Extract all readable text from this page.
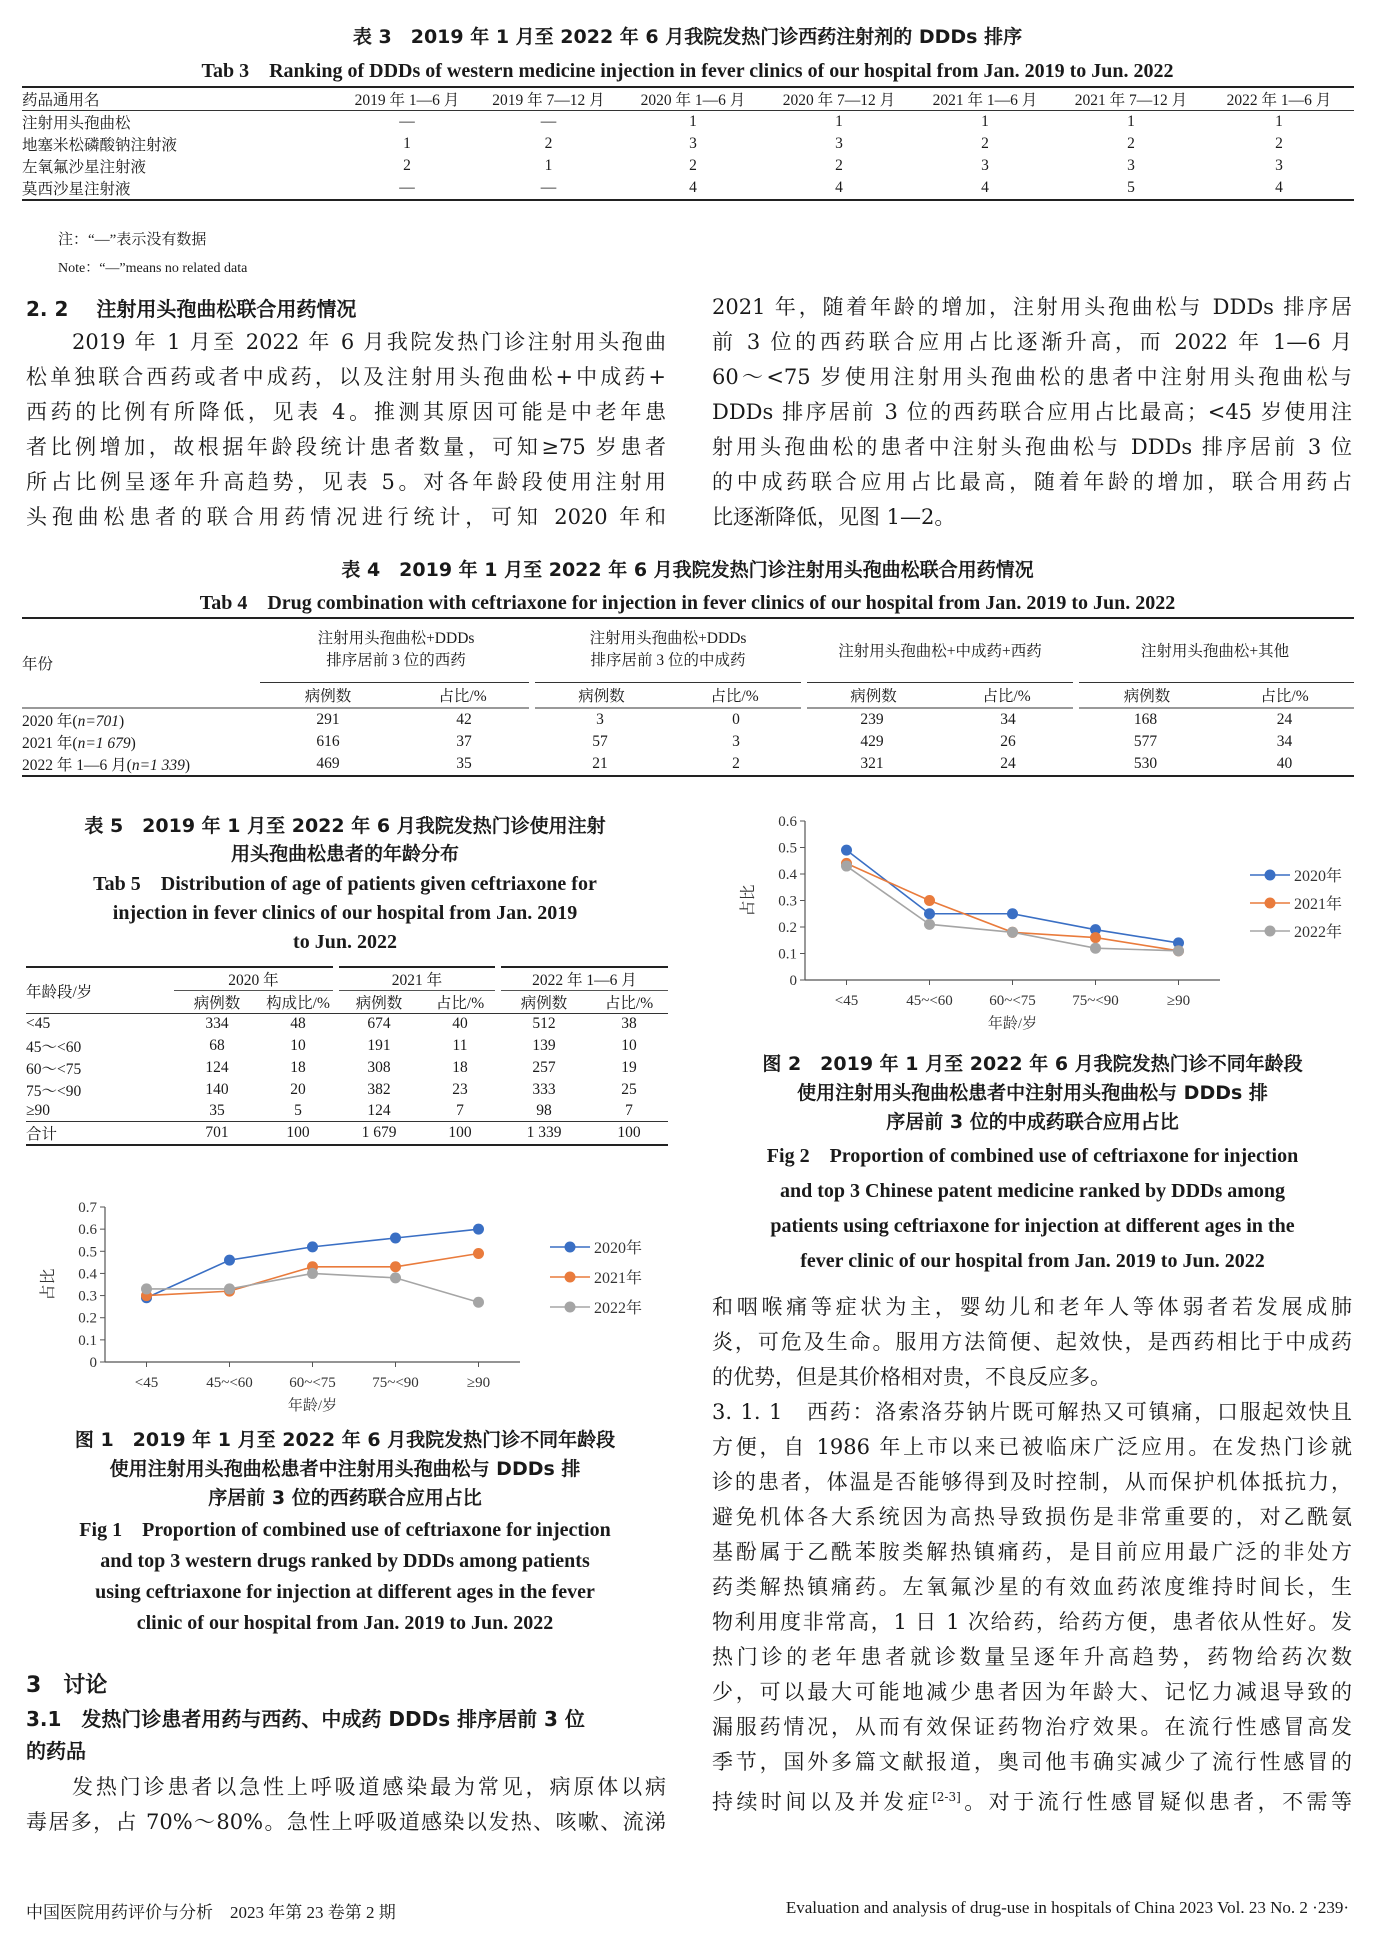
表 3　2019 年 1 月至 2022 年 6 月我院发热门诊西药注射剂的 DDDs 排序
Tab 3　Ranking of DDDs of western medicine injection in fever clinics of our hospital from Jan. 2019 to Jun. 2022
药品通用名	2019 年 1—6 月	2019 年 7—12 月	2020 年 1—6 月	2020 年 7—12 月	2021 年 1—6 月	2021 年 7—12 月	2022 年 1—6 月
注射用头孢曲松	—	—	1	1	1	1	1
地塞米松磷酸钠注射液	1	2	3	3	2	2	2
左氧氟沙星注射液	2	1	2	2	3	3	3
莫西沙星注射液	—	—	4	4	4	5	4
注：“—”表示没有数据
Note：“—”means no related data
2. 2 注射用头孢曲松联合用药情况
2019 年 1 月至 2022 年 6 月我院发热门诊注射用头孢曲
松单独联合西药或者中成药，以及注射用头孢曲松+中成药+
西药的比例有所降低，见表 4。推测其原因可能是中老年患
者比例增加，故根据年龄段统计患者数量，可知≥75 岁患者
所占比例呈逐年升高趋势，见表 5。对各年龄段使用注射用
头孢曲松患者的联合用药情况进行统计，可知 2020 年和
2021 年，随着年龄的增加，注射用头孢曲松与 DDDs 排序居
前 3 位的西药联合应用占比逐渐升高，而 2022 年 1—6 月
60～<75 岁使用注射用头孢曲松的患者中注射用头孢曲松与
DDDs 排序居前 3 位的西药联合应用占比最高；<45 岁使用注
射用头孢曲松的患者中注射头孢曲松与 DDDs 排序居前 3 位
的中成药联合应用占比最高，随着年龄的增加，联合用药占
比逐渐降低，见图 1—2。
表 4　2019 年 1 月至 2022 年 6 月我院发热门诊注射用头孢曲松联合用药情况
Tab 4　Drug combination with ceftriaxone for injection in fever clinics of our hospital from Jan. 2019 to Jun. 2022
年份	注射用头孢曲松+DDDs
排序居前 3 位的西药		注射用头孢曲松+DDDs
排序居前 3 位的中成药		注射用头孢曲松+中成药+西药		注射用头孢曲松+其他	
	病例数	占比/%	病例数	占比/%	病例数	占比/%	病例数	占比/%
2020 年(n=701)	291	42	3	0	239	34	168	24
2021 年(n=1 679)	616	37	57	3	429	26	577	34
2022 年 1—6 月(n=1 339)	469	35	21	2	321	24	530	40
表 5　2019 年 1 月至 2022 年 6 月我院发热门诊使用注射
用头孢曲松患者的年龄分布
Tab 5　Distribution of age of patients given ceftriaxone for
injection in fever clinics of our hospital from Jan. 2019
to Jun. 2022
年龄段/岁	2020 年		2021 年		2022 年 1—6 月	
	病例数	构成比/%	病例数	占比/%	病例数	占比/%
<45	334	48	674	40	512	38
45～<60	68	10	191	11	139	10
60～<75	124	18	308	18	257	19
75～<90	140	20	382	23	333	25
≥90	35	5	124	7	98	7
合计	701	100	1 679	100	1 339	100
0
0.1
0.2
0.3
0.4
0.5
0.6
0.7
<45	45~<60 60~<75 75~<90	≥90
年龄/岁
占比
2020年
2021年
2022年
图 1　2019 年 1 月至 2022 年 6 月我院发热门诊不同年龄段
使用注射用头孢曲松患者中注射用头孢曲松与 DDDs 排
序居前 3 位的西药联合应用占比
Fig 1　Proportion of combined use of ceftriaxone for injection
and top 3 western drugs ranked by DDDs among patients
using ceftriaxone for injection at different ages in the fever
clinic of our hospital from Jan. 2019 to Jun. 2022
0
0.1
0.2
0.3
0.4
0.5
0.6
<45	45~<60 60~<75 75~<90	≥90
年龄/岁
占比
2020年
2021年
2022年
图 2　2019 年 1 月至 2022 年 6 月我院发热门诊不同年龄段
使用注射用头孢曲松患者中注射用头孢曲松与 DDDs 排
序居前 3 位的中成药联合应用占比
Fig 2　Proportion of combined use of ceftriaxone for injection
and top 3 Chinese patent medicine ranked by DDDs among
patients using ceftriaxone for injection at different ages in the
fever clinic of our hospital from Jan. 2019 to Jun. 2022
3　讨论
3.1　发热门诊患者用药与西药、中成药 DDDs 排序居前 3 位
的药品
发热门诊患者以急性上呼吸道感染最为常见，病原体以病
毒居多，占 70%～80%。急性上呼吸道感染以发热、咳嗽、流涕
和咽喉痛等症状为主，婴幼儿和老年人等体弱者若发展成肺
炎，可危及生命。服用方法简便、起效快，是西药相比于中成药
的优势，但是其价格相对贵，不良反应多。
3. 1. 1　西药：洛索洛芬钠片既可解热又可镇痛，口服起效快且
方便，自 1986 年上市以来已被临床广泛应用。在发热门诊就
诊的患者，体温是否能够得到及时控制，从而保护机体抵抗力，
避免机体各大系统因为高热导致损伤是非常重要的，对乙酰氨
基酚属于乙酰苯胺类解热镇痛药，是目前应用最广泛的非处方
药类解热镇痛药。左氧氟沙星的有效血药浓度维持时间长，生
物利用度非常高，1 日 1 次给药，给药方便，患者依从性好。发
热门诊的老年患者就诊数量呈逐年升高趋势，药物给药次数
少，可以最大可能地减少患者因为年龄大、记忆力减退导致的
漏服药情况，从而有效保证药物治疗效果。在流行性感冒高发
季节，国外多篇文献报道，奥司他韦确实减少了流行性感冒的
持续时间以及并发症[2-3]。对于流行性感冒疑似患者，不需等
中国医院用药评价与分析　2023 年第 23 卷第 2 期	Evaluation and analysis of drug-use in hospitals of China 2023 Vol. 23 No. 2 ·239·
